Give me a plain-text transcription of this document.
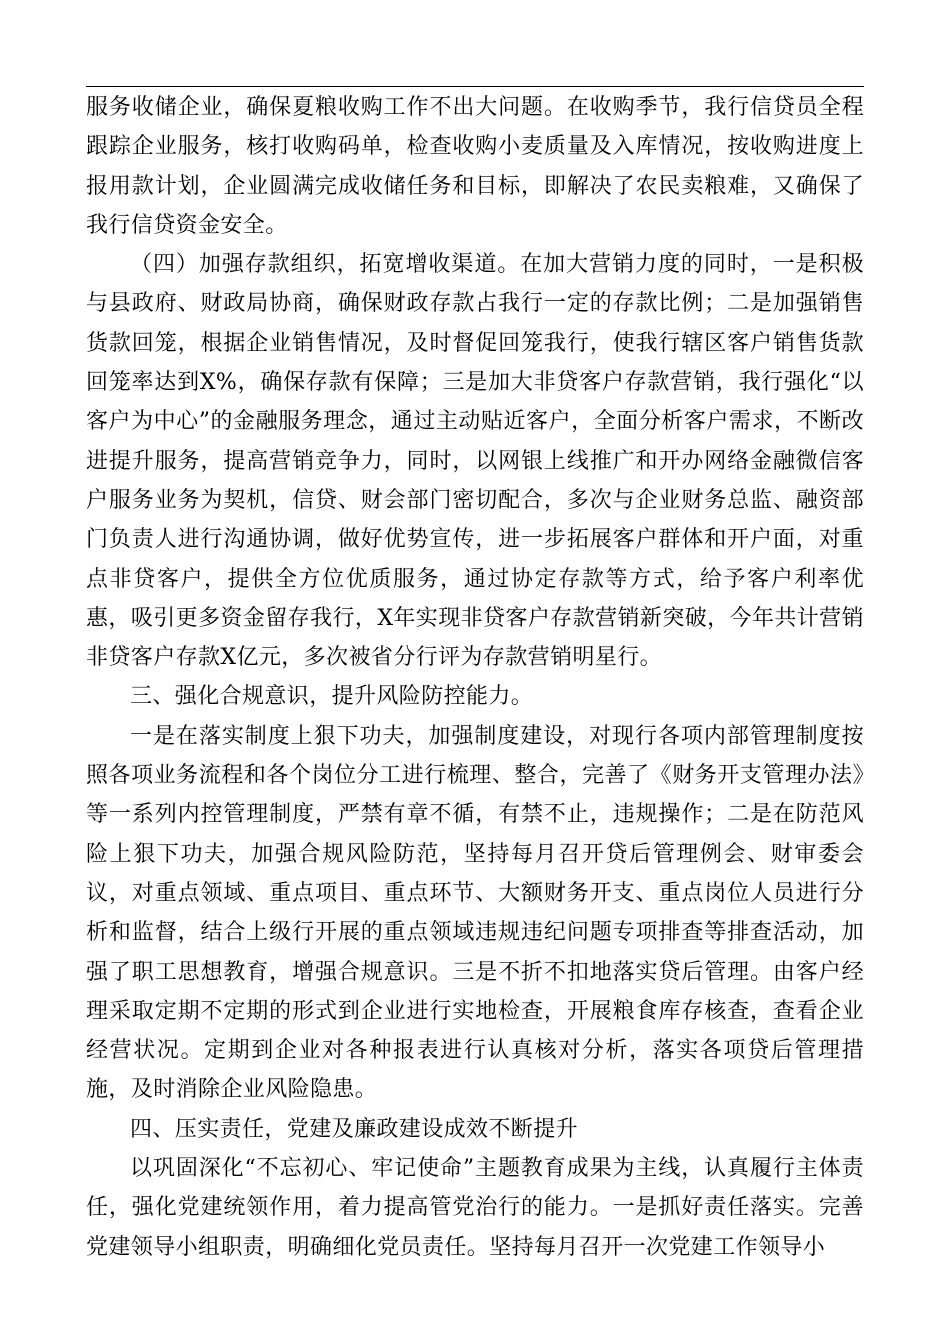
服务收储企业，确保夏粮收购工作不出大问题。在收购季节，我行信贷员全程跟踪企业服务，核打收购码单，检查收购小麦质量及入库情况，按收购进度上报用款计划，企业圆满完成收储任务和目标，即解决了农民卖粮难，又确保了我行信贷资金安全。

（四）加强存款组织，拓宽增收渠道。在加大营销力度的同时，一是积极与县政府、财政局协商，确保财政存款占我行一定的存款比例；二是加强销售货款回笼，根据企业销售情况，及时督促回笼我行，使我行辖区客户销售货款回笼率达到X%，确保存款有保障；三是加大非贷客户存款营销，我行强化“以客户为中心”的金融服务理念，通过主动贴近客户，全面分析客户需求，不断改进提升服务，提高营销竞争力，同时，以网银上线推广和开办网络金融微信客户服务业务为契机，信贷、财会部门密切配合，多次与企业财务总监、融资部门负责人进行沟通协调，做好优势宣传，进一步拓展客户群体和开户面，对重点非贷客户，提供全方位优质服务，通过协定存款等方式，给予客户利率优惠，吸引更多资金留存我行，X年实现非贷客户存款营销新突破，今年共计营销非贷客户存款X亿元，多次被省分行评为存款营销明星行。

三、强化合规意识，提升风险防控能力。

一是在落实制度上狠下功夫，加强制度建设，对现行各项内部管理制度按照各项业务流程和各个岗位分工进行梳理、整合，完善了《财务开支管理办法》等一系列内控管理制度，严禁有章不循，有禁不止，违规操作；二是在防范风险上狠下功夫，加强合规风险防范，坚持每月召开贷后管理例会、财审委会议，对重点领域、重点项目、重点环节、大额财务开支、重点岗位人员进行分析和监督，结合上级行开展的重点领域违规违纪问题专项排查等排查活动，加强了职工思想教育，增强合规意识。三是不折不扣地落实贷后管理。由客户经理采取定期不定期的形式到企业进行实地检查，开展粮食库存核查，查看企业经营状况。定期到企业对各种报表进行认真核对分析，落实各项贷后管理措施，及时消除企业风险隐患。

四、压实责任，党建及廉政建设成效不断提升

以巩固深化“不忘初心、牢记使命”主题教育成果为主线，认真履行主体责任，强化党建统领作用，着力提高管党治行的能力。一是抓好责任落实。完善党建领导小组职责，明确细化党员责任。坚持每月召开一次党建工作领导小
